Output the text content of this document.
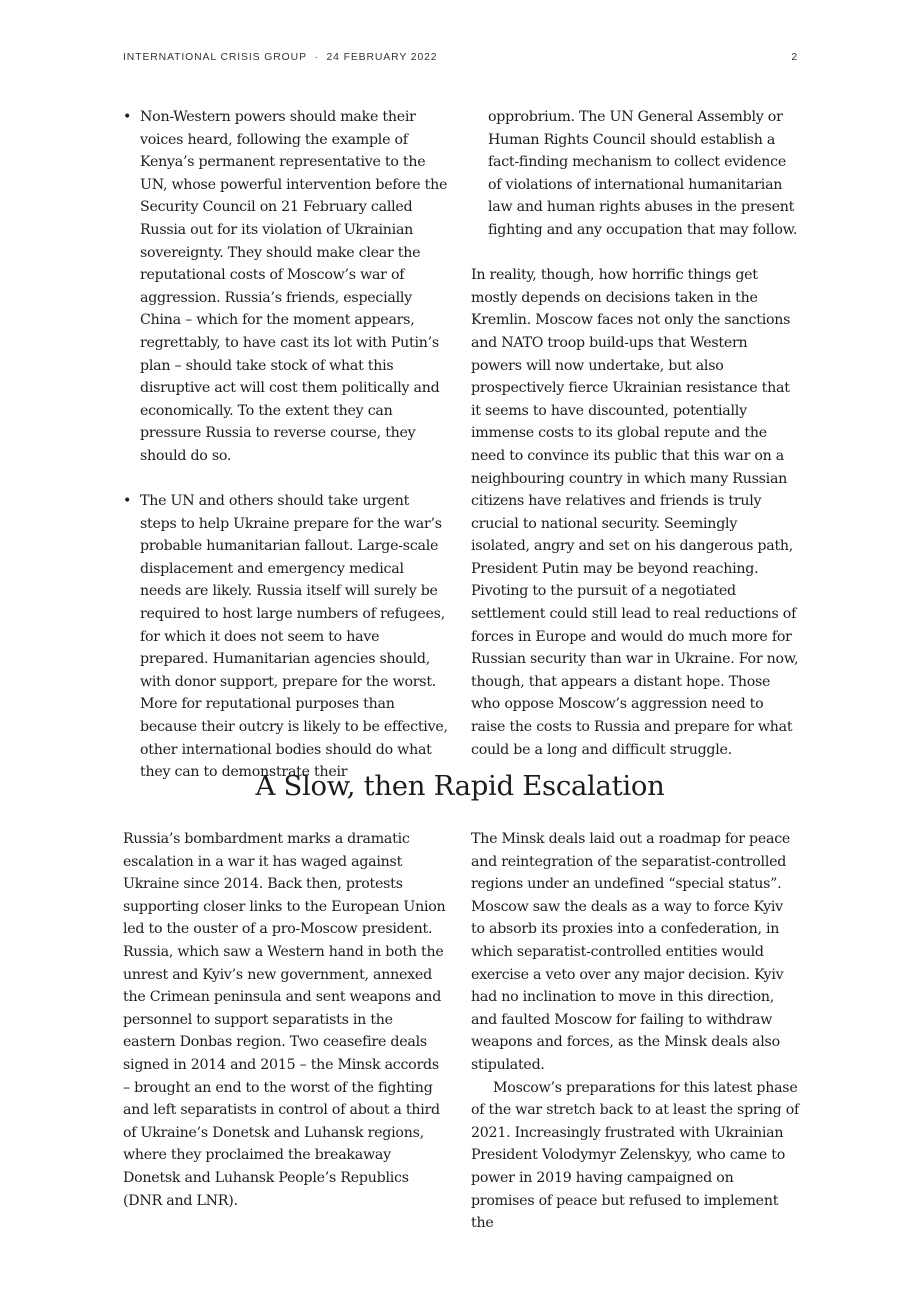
INTERNATIONAL CRISIS GROUP · 24 FEBRUARY 2022	2
• Non-Western powers should make their voices heard, following the example of Kenya’s permanent representative to the UN, whose powerful intervention before the Security Council on 21 February called Russia out for its violation of Ukrainian sovereignty. They should make clear the reputational costs of Moscow’s war of aggression. Russia’s friends, especially China – which for the moment appears, regrettably, to have cast its lot with Putin’s plan – should take stock of what this disruptive act will cost them politically and economically. To the extent they can pressure Russia to reverse course, they should do so.
• The UN and others should take urgent steps to help Ukraine prepare for the war’s probable humanitarian fallout. Large-scale displacement and emergency medical needs are likely. Russia itself will surely be required to host large numbers of refugees, for which it does not seem to have prepared. Humanitarian agencies should, with donor support, prepare for the worst. More for reputational purposes than because their outcry is likely to be effective, other international bodies should do what they can to demonstrate their

opprobrium. The UN General Assembly or Human Rights Council should establish a fact-finding mechanism to collect evidence of violations of international humanitarian law and human rights abuses in the present fighting and any occupation that may follow.

In reality, though, how horrific things get mostly depends on decisions taken in the Kremlin. Moscow faces not only the sanctions and NATO troop build-ups that Western powers will now undertake, but also prospectively fierce Ukrainian resistance that it seems to have discounted, potentially immense costs to its global repute and the need to convince its public that this war on a neighbouring country in which many Russian citizens have relatives and friends is truly crucial to national security. Seemingly isolated, angry and set on his dangerous path, President Putin may be beyond reaching. Pivoting to the pursuit of a negotiated settlement could still lead to real reductions of forces in Europe and would do much more for Russian security than war in Ukraine. For now, though, that appears a distant hope. Those who oppose Moscow’s aggression need to raise the costs to Russia and prepare for what could be a long and difficult struggle.

A Slow, then Rapid Escalation

Russia’s bombardment marks a dramatic escalation in a war it has waged against Ukraine since 2014. Back then, protests supporting closer links to the European Union led to the ouster of a pro-Moscow president. Russia, which saw a Western hand in both the unrest and Kyiv’s new government, annexed the Crimean peninsula and sent weapons and personnel to support separatists in the eastern Donbas region. Two ceasefire deals signed in 2014 and 2015 – the Minsk accords – brought an end to the worst of the fighting and left separatists in control of about a third of Ukraine’s Donetsk and Luhansk regions, where they proclaimed the breakaway Donetsk and Luhansk People’s Republics (DNR and LNR).

The Minsk deals laid out a roadmap for peace and reintegration of the separatist-controlled regions under an undefined “special status”. Moscow saw the deals as a way to force Kyiv to absorb its proxies into a confederation, in which separatist-controlled entities would exercise a veto over any major decision. Kyiv had no inclination to move in this direction, and faulted Moscow for failing to withdraw weapons and forces, as the Minsk deals also stipulated.

Moscow’s preparations for this latest phase of the war stretch back to at least the spring of 2021. Increasingly frustrated with Ukrainian President Volodymyr Zelenskyy, who came to power in 2019 having campaigned on promises of peace but refused to implement the
